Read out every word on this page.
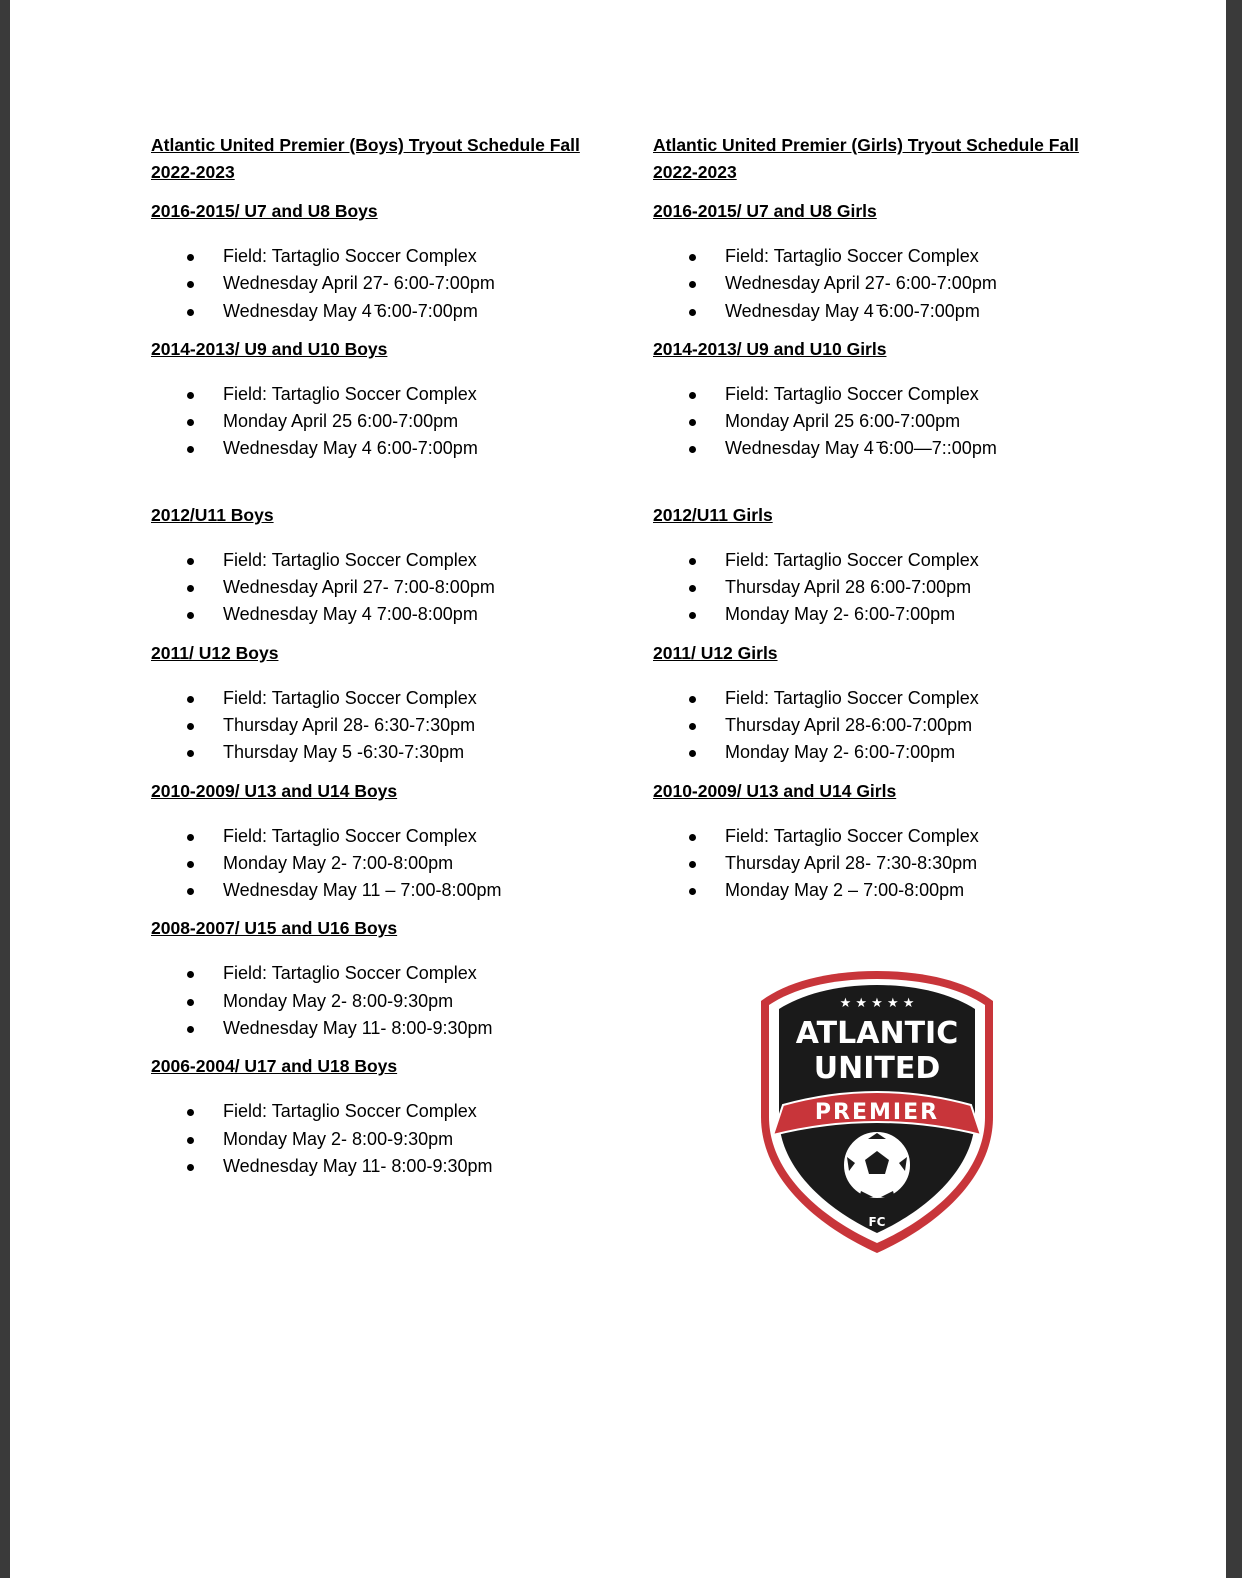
Atlantic United Premier (Boys) Tryout Schedule Fall 2022-2023
2016-2015/ U7 and U8 Boys
Field: Tartaglio Soccer Complex
Wednesday April 27- 6:00-7:00pm
Wednesday May 4 ̄6:00-7:00pm
2014-2013/ U9 and U10 Boys
Field: Tartaglio Soccer Complex
Monday April 25 6:00-7:00pm
Wednesday May 4 6:00-7:00pm
2012/U11 Boys
Field: Tartaglio Soccer Complex
Wednesday April 27- 7:00-8:00pm
Wednesday May 4 7:00-8:00pm
2011/ U12 Boys
Field: Tartaglio Soccer Complex
Thursday April 28- 6:30-7:30pm
Thursday May 5 -6:30-7:30pm
2010-2009/ U13 and U14 Boys
Field: Tartaglio Soccer Complex
Monday May 2- 7:00-8:00pm
Wednesday May 11 – 7:00-8:00pm
2008-2007/ U15 and U16 Boys
Field: Tartaglio Soccer Complex
Monday May 2- 8:00-9:30pm
Wednesday May 11- 8:00-9:30pm
2006-2004/ U17 and U18 Boys
Field: Tartaglio Soccer Complex
Monday May 2- 8:00-9:30pm
Wednesday May 11- 8:00-9:30pm
Atlantic United Premier (Girls) Tryout Schedule Fall 2022-2023
2016-2015/ U7 and U8 Girls
Field: Tartaglio Soccer Complex
Wednesday April 27- 6:00-7:00pm
Wednesday May 4 ̄6:00-7:00pm
2014-2013/ U9 and U10 Girls
Field: Tartaglio Soccer Complex
Monday April 25 6:00-7:00pm
Wednesday May 4 ̄6:00—7::00pm
2012/U11 Girls
Field: Tartaglio Soccer Complex
Thursday April 28 6:00-7:00pm
Monday May 2- 6:00-7:00pm
2011/ U12 Girls
Field: Tartaglio Soccer Complex
Thursday April 28-6:00-7:00pm
Monday May 2- 6:00-7:00pm
2010-2009/ U13 and U14 Girls
Field: Tartaglio Soccer Complex
Thursday April 28- 7:30-8:30pm
Monday May 2 – 7:00-8:00pm
★ ★ ★ ★ ★
ATLANTIC
UNITED
PREMIER
FC
